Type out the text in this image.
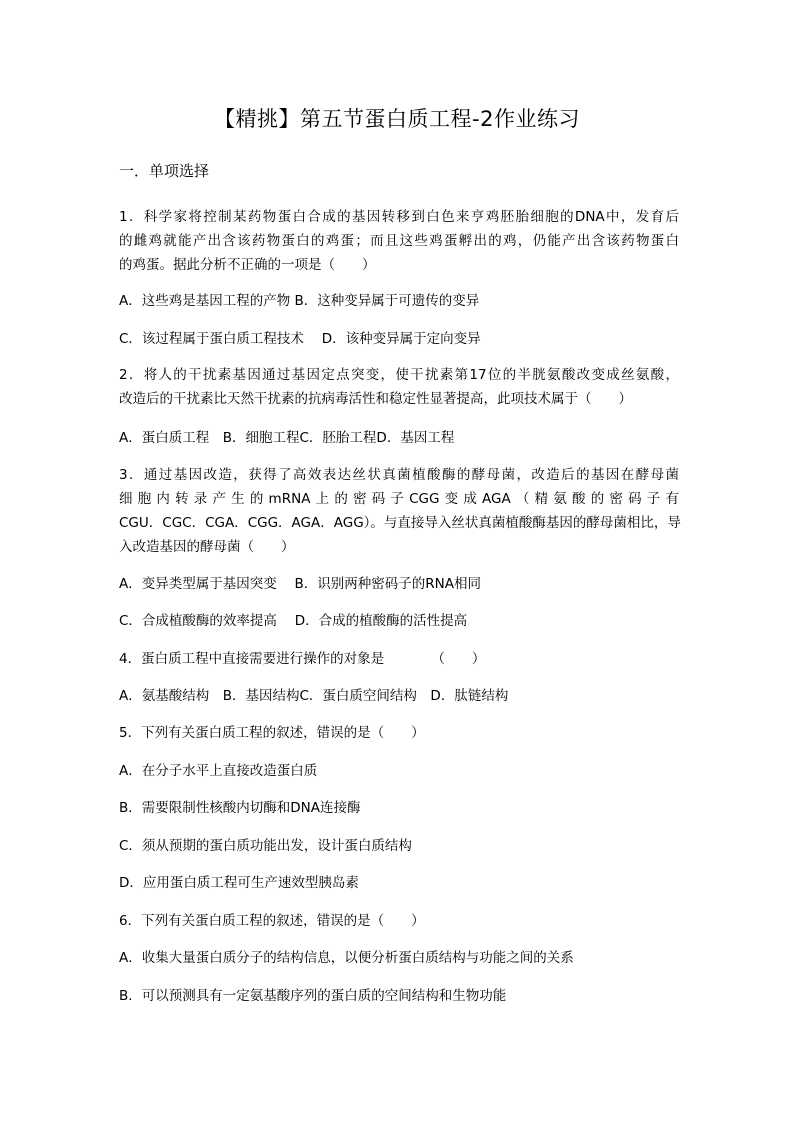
【精挑】第五节蛋白质工程-2作业练习
一．单项选择
1．科学家将控制某药物蛋白合成的基因转移到白色来亨鸡胚胎细胞的DNA中，发育后
的雌鸡就能产出含该药物蛋白的鸡蛋；而且这些鸡蛋孵出的鸡，仍能产出含该药物蛋白
的鸡蛋。据此分析不正确的一项是（　　）
A．这些鸡是基因工程的产物 B．这种变异属于可遗传的变异
C．该过程属于蛋白质工程技术　 D．该种变异属于定向变异
2．将人的干扰素基因通过基因定点突变，使干扰素第17位的半胱氨酸改变成丝氨酸，
改造后的干扰素比天然干扰素的抗病毒活性和稳定性显著提高，此项技术属于（　　）
A．蛋白质工程　B．细胞工程C．胚胎工程D．基因工程
3．通过基因改造，获得了高效表达丝状真菌植酸酶的酵母菌，改造后的基因在酵母菌
细胞内转录产生的mRNA上的密码子CGG变成AGA（精氨酸的密码子有
CGU．CGC．CGA．CGG．AGA．AGG）。与直接导入丝状真菌植酸酶基因的酵母菌相比，导
入改造基因的酵母菌（　　）
A．变异类型属于基因突变　 B．识别两种密码子的RNA相同
C．合成植酸酶的效率提高　 D．合成的植酸酶的活性提高
4．蛋白质工程中直接需要进行操作的对象是　　　　（　　）
A．氨基酸结构　B．基因结构C．蛋白质空间结构　D．肽链结构
5．下列有关蛋白质工程的叙述，错误的是（　　）
A．在分子水平上直接改造蛋白质
B．需要限制性核酸内切酶和DNA连接酶
C．须从预期的蛋白质功能出发，设计蛋白质结构
D．应用蛋白质工程可生产速效型胰岛素
6．下列有关蛋白质工程的叙述，错误的是（　　）
A．收集大量蛋白质分子的结构信息，以便分析蛋白质结构与功能之间的关系
B．可以预测具有一定氨基酸序列的蛋白质的空间结构和生物功能
